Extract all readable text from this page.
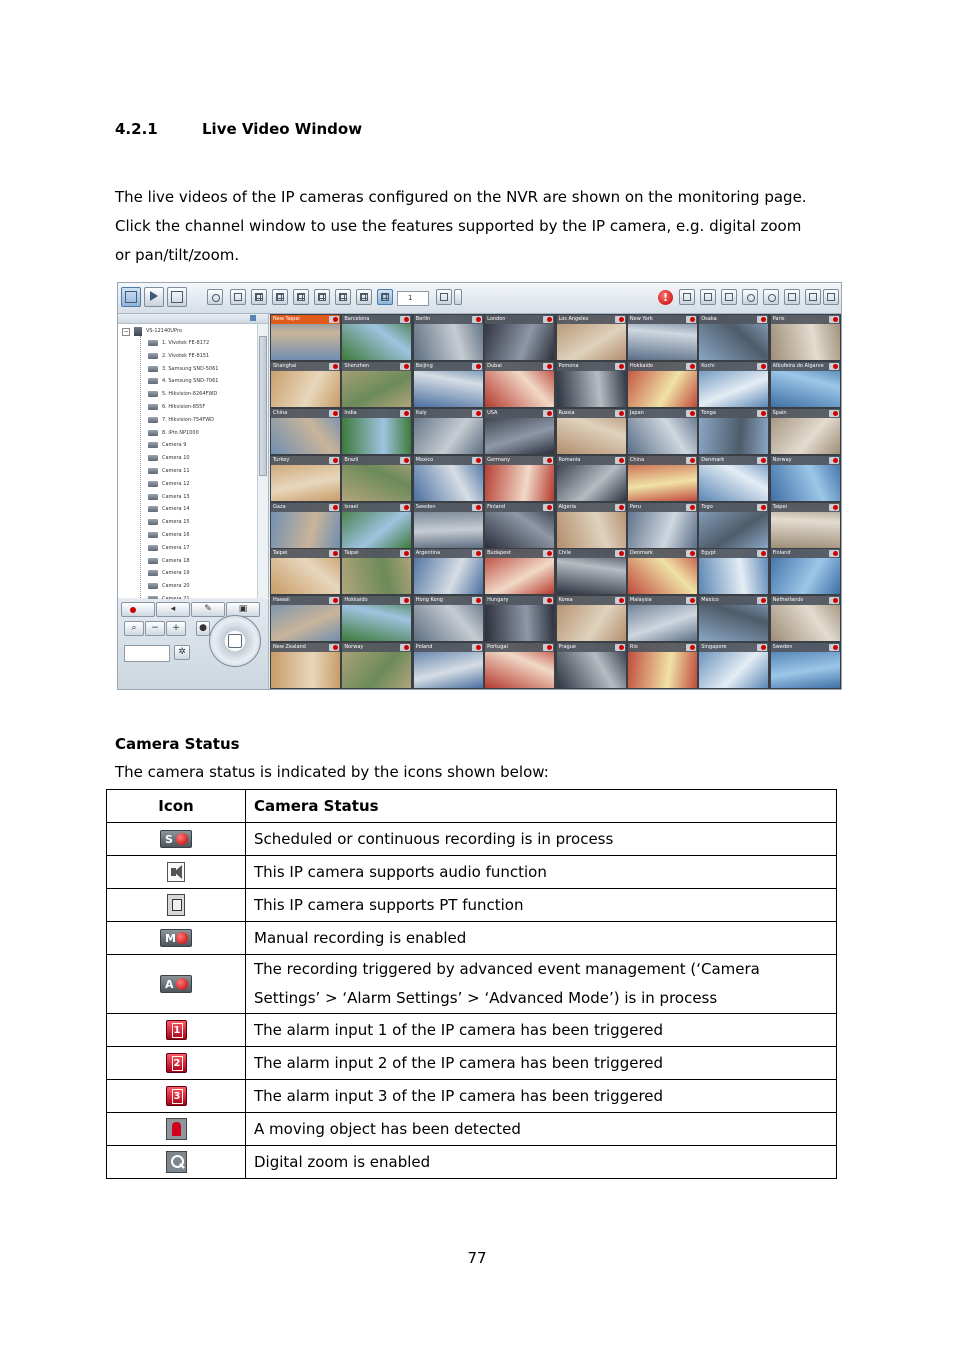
4.2.1	Live Video Window

The live videos of the IP cameras configured on the NVR are shown on the monitoring page.

Click the channel window to use the features supported by the IP camera, e.g. digital zoom

or pan/tilt/zoom.

1	!
−	VS-12140UPro
1. Vivotek FE-8172
2. Vivotek FE-8151
3. Samsung SND-5061
4. Samsung SND-7061
5. Hikvision-8264FWD
6. Hikvision-855F
7. Hikvision-754FWD
8. iPro NP1000
Camera 9
Camera 10
Camera 11
Camera 12
Camera 13
Camera 14
Camera 15
Camera 16
Camera 17
Camera 18
Camera 19
Camera 20
◂	✎	▣
⌕	−	+	●
✲
New Taipei	Barcelona	Berlin	London	Los Angeles	New York	Osaka	Paris
Shanghai	Shenzhen	Beijing	Dubai	Pomona	Hokkaido	Kochi	Albufeira do Algarve
China	India	Italy	USA	Russia	Japan	Tonga	Spain
Turkey	Brazil	Mexico	Germany	Romania	China	Denmark	Norway
Gaza	Israel	Sweden	Finland	Algeria	Peru	Togo	Taipei
Taipei	Taipei	Argentina	Budapest	Chile	Denmark	Egypt	Finland
Hawaii	Hokkaido	Hong Kong	Hungary	Korea	Malaysia	Mexico	Netherlands
New Zealand	Norway	Poland	Portugal	Prague	Rio	Singapore	Sweden
Camera Status
The camera status is indicated by the icons shown below:
Icon	Camera Status

S	Scheduled or continuous recording is in process

	This IP camera supports audio function

	This IP camera supports PT function

M	Manual recording is enabled

A	The recording triggered by advanced event management (‘Camera Settings’ > ‘Alarm Settings’ > ‘Advanced Mode’) is in process

1	The alarm input 1 of the IP camera has been triggered

2	The alarm input 2 of the IP camera has been triggered

3	The alarm input 3 of the IP camera has been triggered

	A moving object has been detected

	Digital zoom is enabled
77
